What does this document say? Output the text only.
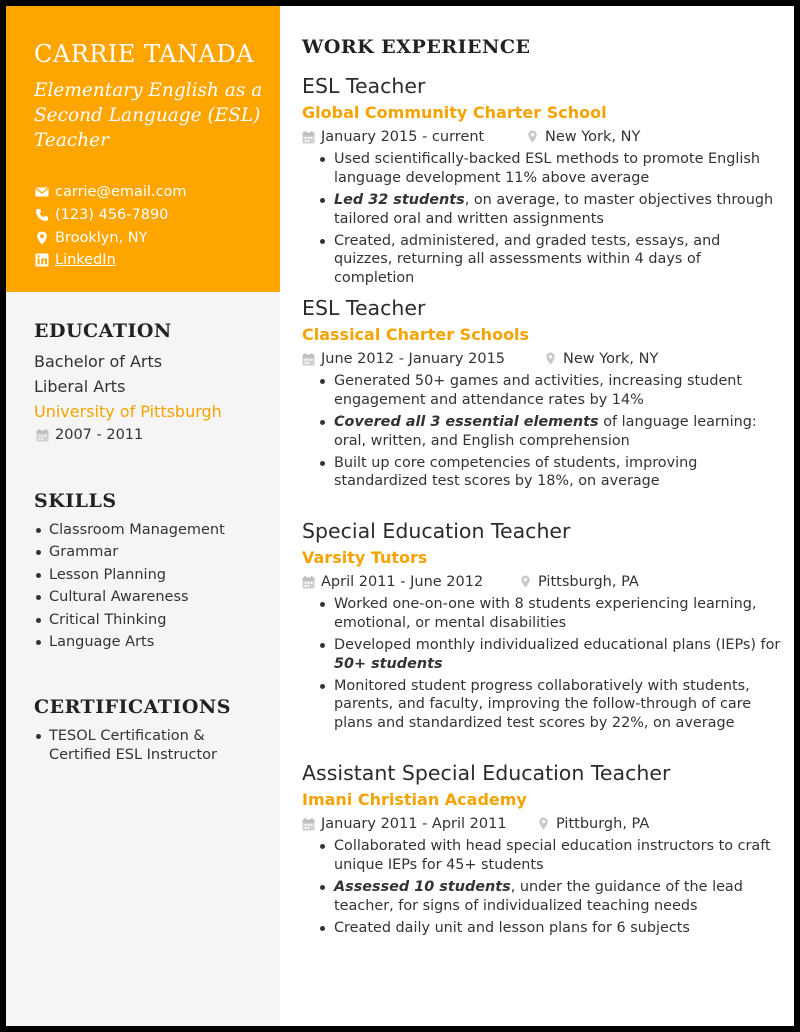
CARRIE TANADA
Elementary English as a Second Language (ESL) Teacher
carrie@email.com
(123) 456-7890
Brooklyn, NY
LinkedIn
EDUCATION
Bachelor of Arts
Liberal Arts
University of Pittsburgh
2007 - 2011
SKILLS
Classroom Management
Grammar
Lesson Planning
Cultural Awareness
Critical Thinking
Language Arts
CERTIFICATIONS
TESOL Certification & Certified ESL Instructor
WORK EXPERIENCE
ESL Teacher
Global Community Charter School
January 2015 - current	New York, NY
Used scientifically-backed ESL methods to promote English language development 11% above average
Led 32 students, on average, to master objectives through tailored oral and written assignments
Created, administered, and graded tests, essays, and quizzes, returning all assessments within 4 days of completion
ESL Teacher
Classical Charter Schools
June 2012 - January 2015	New York, NY
Generated 50+ games and activities, increasing student engagement and attendance rates by 14%
Covered all 3 essential elements of language learning: oral, written, and English comprehension
Built up core competencies of students, improving standardized test scores by 18%, on average
Special Education Teacher
Varsity Tutors
April 2011 - June 2012	Pittsburgh, PA
Worked one-on-one with 8 students experiencing learning, emotional, or mental disabilities
Developed monthly individualized educational plans (IEPs) for 50+ students
Monitored student progress collaboratively with students, parents, and faculty, improving the follow-through of care plans and standardized test scores by 22%, on average
Assistant Special Education Teacher
Imani Christian Academy
January 2011 - April 2011	Pittburgh, PA
Collaborated with head special education instructors to craft unique IEPs for 45+ students
Assessed 10 students, under the guidance of the lead teacher, for signs of individualized teaching needs
Created daily unit and lesson plans for 6 subjects
